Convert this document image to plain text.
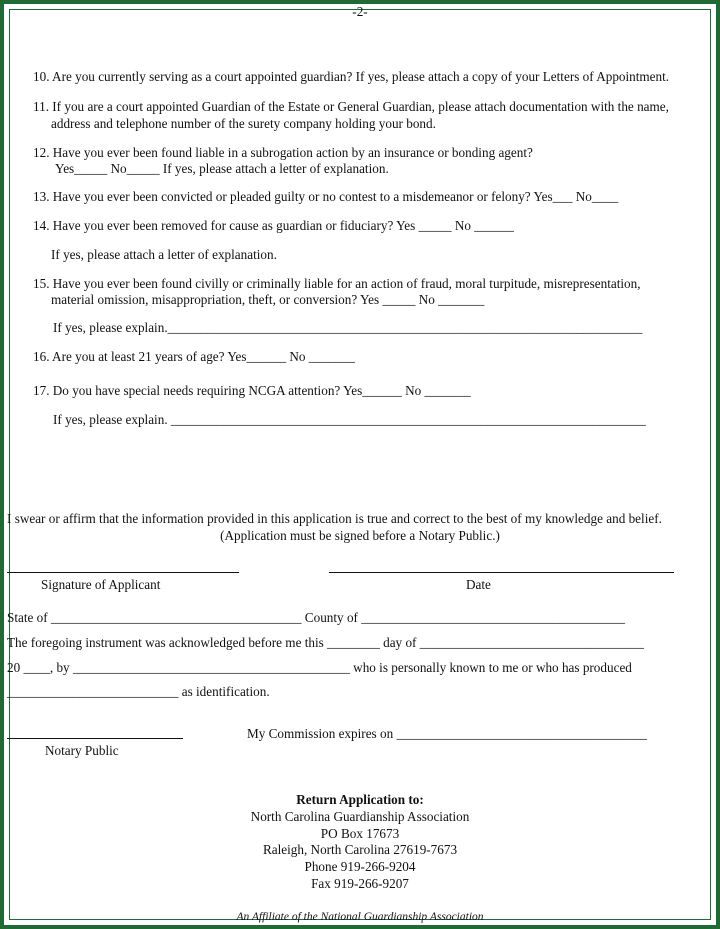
-2-
10. Are you currently serving as a court appointed guardian? If yes, please attach a copy of your Letters of Appointment.
11. If you are a court appointed Guardian of the Estate or General Guardian, please attach documentation with the name,
address and telephone number of the surety company holding your bond.
12. Have you ever been found liable in a subrogation action by an insurance or bonding agent?
Yes_____ No_____ If yes, please attach a letter of explanation.
13. Have you ever been convicted or pleaded guilty or no contest to a misdemeanor or felony? Yes___ No____
14. Have you ever been removed for cause as guardian or fiduciary? Yes _____ No ______
If yes, please attach a letter of explanation.
15. Have you ever been found civilly or criminally liable for an action of fraud, moral turpitude, misrepresentation,
material omission, misappropriation, theft, or conversion? Yes _____ No _______
If yes, please explain.________________________________________________________________________
16. Are you at least 21 years of age? Yes______ No _______
17. Do you have special needs requiring NCGA attention? Yes______ No _______
If yes, please explain. ________________________________________________________________________
I swear or affirm that the information provided in this application is true and correct to the best of my knowledge and belief.
(Application must be signed before a Notary Public.)
Signature of Applicant	Date
State of ______________________________________ County of ________________________________________
The foregoing instrument was acknowledged before me this ________ day of __________________________________
20 ____, by __________________________________________ who is personally known to me or who has produced
__________________________ as identification.
My Commission expires on ______________________________________
Notary Public
Return Application to:
North Carolina Guardianship Association
PO Box 17673
Raleigh, North Carolina 27619-7673
Phone 919-266-9204
Fax 919-266-9207
An Affiliate of the National Guardianship Association
